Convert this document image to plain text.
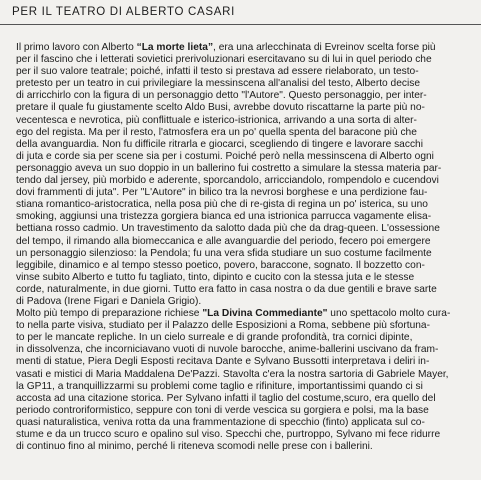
PER IL TEATRO DI ALBERTO CASARI
Il primo lavoro con Alberto “La morte lieta”, era una arlecchinata di Evreinov scelta forse più
per il fascino che i letterati sovietici prerivoluzionari esercitavano su di lui in quel periodo che
per il suo valore teatrale; poiché, infatti il testo si prestava ad essere rielaborato, un testo-
pretesto per un teatro in cui privilegiare la messinscena all'analisi del testo, Alberto decise
di arricchirlo con la figura di un personaggio detto "l'Autore". Questo personaggio, per inter-
pretare il quale fu giustamente scelto Aldo Busi, avrebbe dovuto riscattarne la parte più no-
vecentesca e nevrotica, più conflittuale e isterico-istrionica, arrivando a una sorta di alter-
ego del regista. Ma per il resto, l'atmosfera era un po' quella spenta del baracone più che
della avanguardia. Non fu difficile ritrarla e giocarci, scegliendo di tingere e lavorare sacchi
di juta e corde sia per scene sia per i costumi. Poiché però nella messinscena di Alberto ogni
personaggio aveva un suo doppio in un ballerino fui costretto a simulare la stessa materia par-
tendo dal jersey, più morbido e aderente, sporcandolo, arricciandolo, rompendolo e cucendovi
dovi frammenti di juta". Per "L'Autore" in bilico tra la nevrosi borghese e una perdizione fau-
stiana romantico-aristocratica, nella posa più che di re-gista di regina un po' isterica, su uno
smoking, aggiunsi una tristezza gorgiera bianca ed una istrionica parrucca vagamente elisa-
bettiana rosso cadmio. Un travestimento da salotto dada più che da drag-queen. L'ossessione
del tempo, il rimando alla biomeccanica e alle avanguardie del periodo, fecero poi emergere
un personaggio silenzioso: la Pendola; fu una vera sfida studiare un suo costume facilmente
leggibile, dinamico e al tempo stesso poetico, povero, baraccone, sognato. Il bozzetto con-
vinse subito Alberto e tutto fu tagliato, tinto, dipinto e cucito con la stessa juta e le stesse
corde, naturalmente, in due giorni. Tutto era fatto in casa nostra o da due gentili e brave sarte
di Padova (Irene Figari e Daniela Grigio).
Molto più tempo di preparazione richiese "La Divina Commediante" uno spettacolo molto cura-
to nella parte visiva, studiato per il Palazzo delle Esposizioni a Roma, sebbene più sfortuna-
to per le mancate repliche. In un cielo surreale e di grande profondità, tra cornici dipinte,
in dissolvenza, che incorniciavano vuoti di nuvole barocche, anime-ballerini uscivano da fram-
menti di statue, Piera Degli Esposti recitava Dante e Sylvano Bussotti interpretava i deliri in-
vasati e mistici di Maria Maddalena De'Pazzi. Stavolta c'era la nostra sartoria di Gabriele Mayer,
la GP11, a tranquillizzarmi su problemi come taglio e rifiniture, importantissimi quando ci si
accosta ad una citazione storica. Per Sylvano infatti il taglio del costume,scuro, era quello del
periodo controriformistico, seppure con toni di verde vescica su gorgiera e polsi, ma la base
quasi naturalistica, veniva rotta da una frammentazione di specchio (finto) applicata sul co-
stume e da un trucco scuro e opalino sul viso. Specchi che, purtroppo, Sylvano mi fece ridurre
di continuo fino al minimo, perché li riteneva scomodi nelle prese con i ballerini.
